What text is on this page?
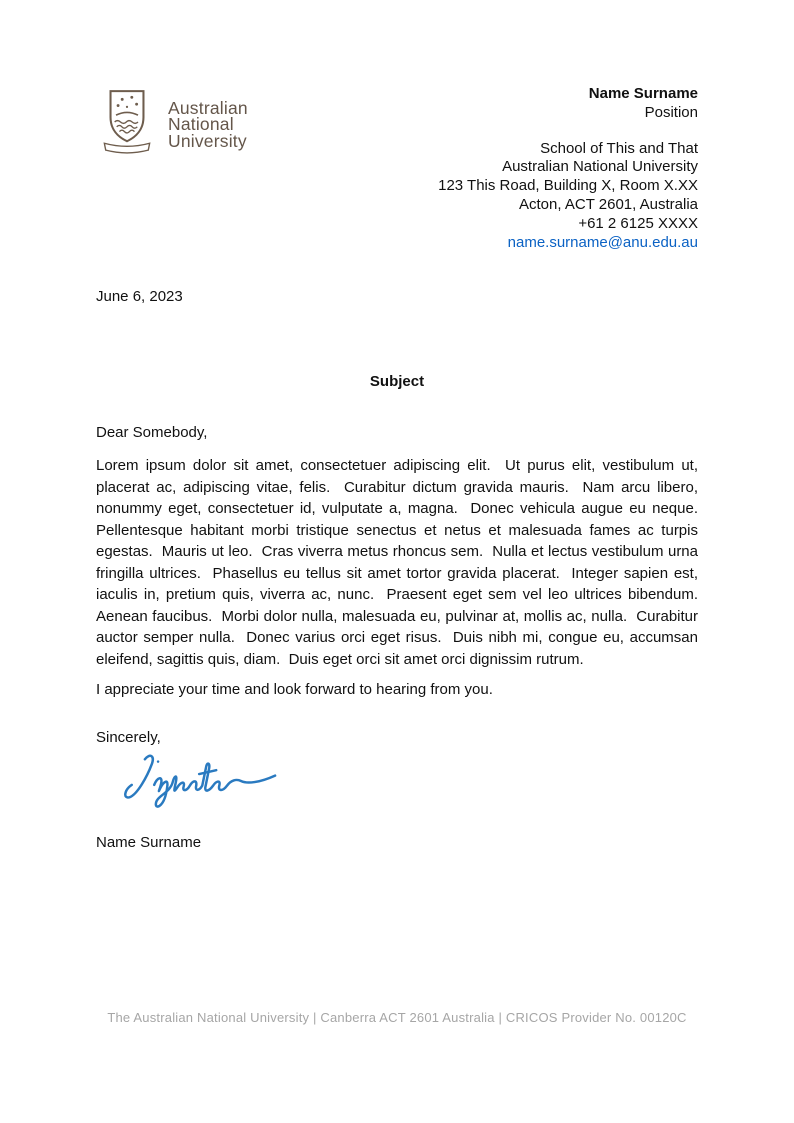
Australian
National
University
Name Surname
Position
School of This and That
Australian National University
123 This Road, Building X, Room X.XX
Acton, ACT 2601, Australia
+61 2 6125 XXXX
name.surname@anu.edu.au
June 6, 2023
Subject
Dear Somebody,
Lorem ipsum dolor sit amet, consectetuer adipiscing elit.  Ut purus elit, vestibulum ut, placerat ac, adipiscing vitae, felis.  Curabitur dictum gravida mauris.  Nam arcu libero, nonummy eget, consectetuer id, vulputate a, magna.  Donec vehicula augue eu neque.  Pellentesque habitant morbi tristique senectus et netus et malesuada fames ac turpis egestas.  Mauris ut leo.  Cras viverra metus rhoncus sem.  Nulla et lectus vestibulum urna fringilla ultrices.  Phasellus eu tellus sit amet tortor gravida placerat.  Integer sapien est, iaculis in, pretium quis, viverra ac, nunc.  Praesent eget sem vel leo ultrices bibendum.  Aenean faucibus.  Morbi dolor nulla, malesuada eu, pulvinar at, mollis ac, nulla.  Curabitur auctor semper nulla.  Donec varius orci eget risus.  Duis nibh mi, congue eu, accumsan eleifend, sagittis quis, diam.  Duis eget orci sit amet orci dignissim rutrum.
I appreciate your time and look forward to hearing from you.
Sincerely,
Name Surname
The Australian National University | Canberra ACT 2601 Australia | CRICOS Provider No. 00120C
